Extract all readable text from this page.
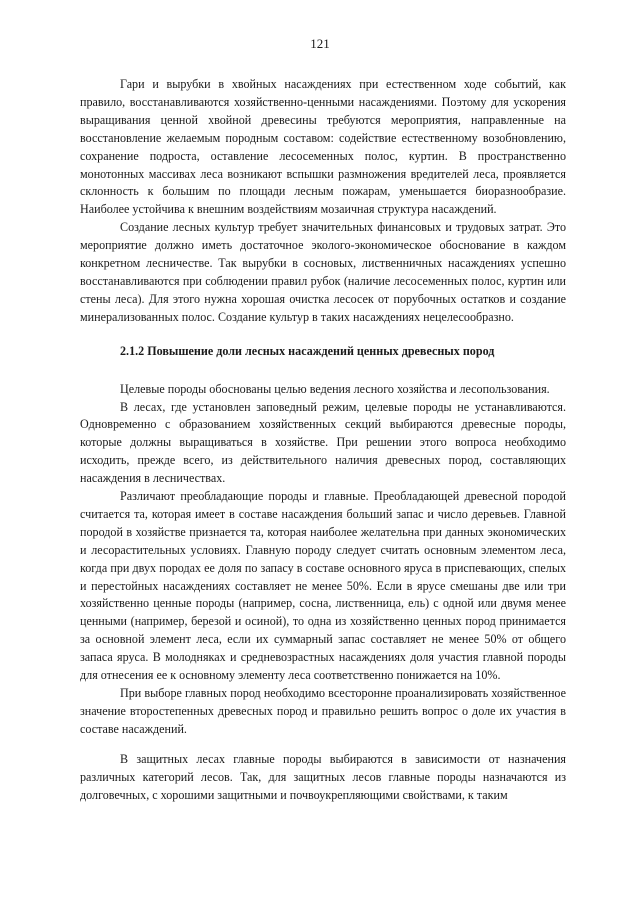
121

Гари и вырубки в хвойных насаждениях при естественном ходе событий, как правило, восстанавливаются хозяйственно-ценными насаждениями. Поэтому для ускорения выращивания ценной хвойной древесины требуются мероприятия, направленные на восстановление желаемым породным составом: содействие естественному возобновлению, сохранение подроста, оставление лесосеменных полос, куртин. В пространственно монотонных массивах леса возникают вспышки размножения вредителей леса, проявляется склонность к большим по площади лесным пожарам, уменьшается биоразнообразие. Наиболее устойчива к внешним воздействиям мозаичная структура насаждений.

Создание лесных культур требует значительных финансовых и трудовых затрат. Это мероприятие должно иметь достаточное эколого-экономическое обоснование в каждом конкретном лесничестве. Так вырубки в сосновых, лиственничных насаждениях успешно восстанавливаются при соблюдении правил рубок (наличие лесосеменных полос, куртин или стены леса). Для этого нужна хорошая очистка лесосек от порубочных остатков и создание минерализованных полос. Создание культур в таких насаждениях нецелесообразно.

2.1.2 Повышение доли лесных насаждений ценных древесных пород

Целевые породы обоснованы целью ведения лесного хозяйства и лесопользования.

В лесах, где установлен заповедный режим, целевые породы не устанавливаются. Одновременно с образованием хозяйственных секций выбираются древесные породы, которые должны выращиваться в хозяйстве. При решении этого вопроса необходимо исходить, прежде всего, из действительного наличия древесных пород, составляющих насаждения в лесничествах.

Различают преобладающие породы и главные. Преобладающей древесной породой считается та, которая имеет в составе насаждения больший запас и число деревьев. Главной породой в хозяйстве признается та, которая наиболее желательна при данных экономических и лесорастительных условиях. Главную породу следует считать основным элементом леса, когда при двух породах ее доля по запасу в составе основного яруса в приспевающих, спелых и перестойных насаждениях составляет не менее 50%. Если в ярусе смешаны две или три хозяйственно ценные породы (например, сосна, лиственница, ель) с одной или двумя менее ценными (например, березой и осиной), то одна из хозяйственно ценных пород принимается за основной элемент леса, если их суммарный запас составляет не менее 50% от общего запаса яруса. В молодняках и средневозрастных насаждениях доля участия главной породы для отнесения ее к основному элементу леса соответственно понижается на 10%.

При выборе главных пород необходимо всесторонне проанализировать хозяйственное значение второстепенных древесных пород и правильно решить вопрос о доле их участия в составе насаждений.

В защитных лесах главные породы выбираются в зависимости от назначения различных категорий лесов. Так, для защитных лесов главные породы назначаются из долговечных, с хорошими защитными и почвоукрепляющими свойствами, к таким
